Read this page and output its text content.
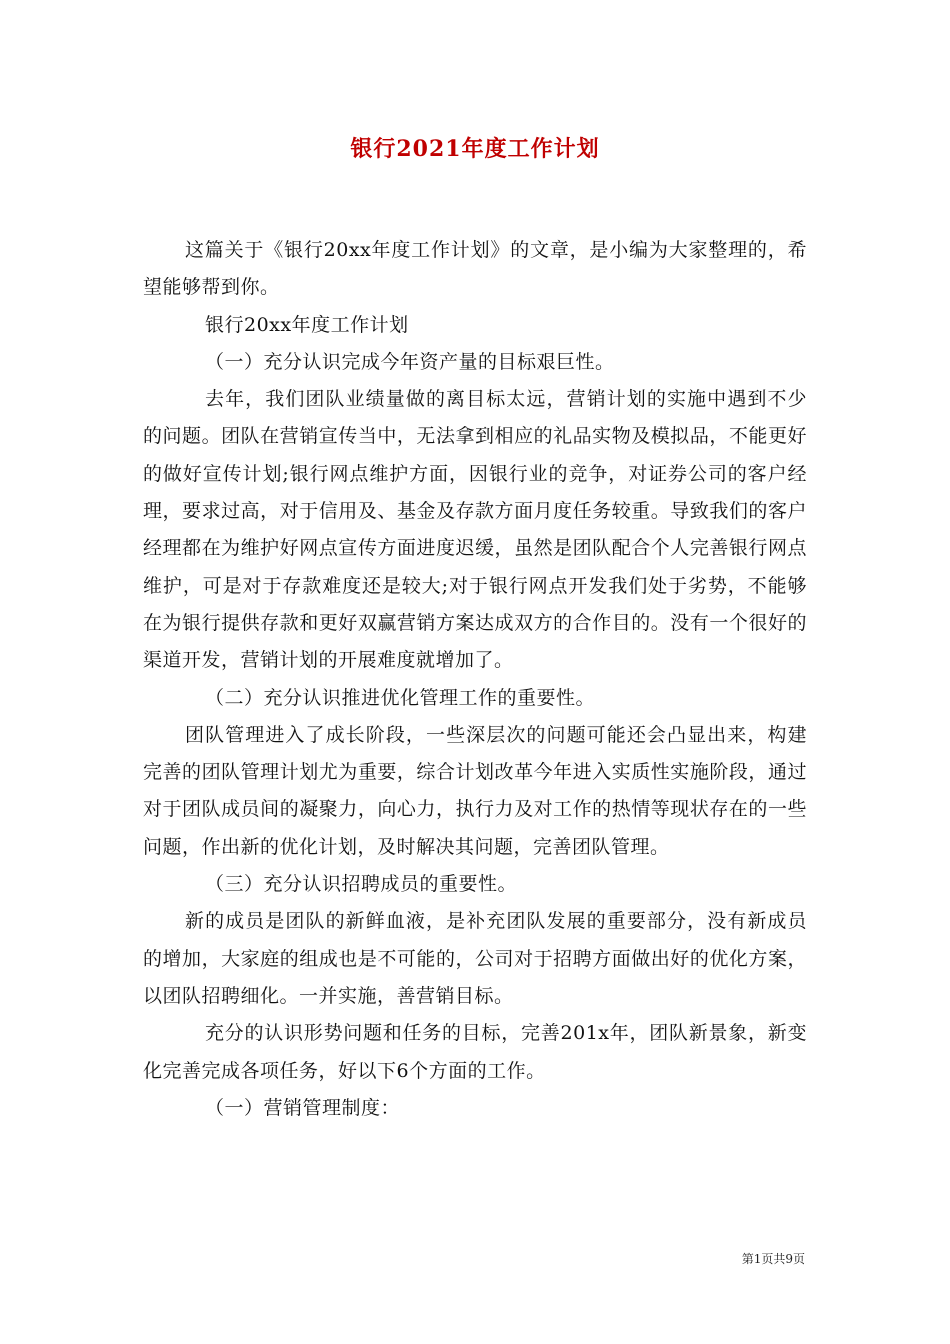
银行2021年度工作计划

这篇关于《银行20xx年度工作计划》的文章，是小编为大家整理的，希望能够帮到你。

银行20xx年度工作计划

（一）充分认识完成今年资产量的目标艰巨性。

去年，我们团队业绩量做的离目标太远，营销计划的实施中遇到不少的问题。团队在营销宣传当中，无法拿到相应的礼品实物及模拟品，不能更好的做好宣传计划;银行网点维护方面，因银行业的竞争，对证券公司的客户经理，要求过高，对于信用及、基金及存款方面月度任务较重。导致我们的客户经理都在为维护好网点宣传方面进度迟缓，虽然是团队配合个人完善银行网点维护，可是对于存款难度还是较大;对于银行网点开发我们处于劣势，不能够在为银行提供存款和更好双赢营销方案达成双方的合作目的。没有一个很好的渠道开发，营销计划的开展难度就增加了。

（二）充分认识推进优化管理工作的重要性。

团队管理进入了成长阶段，一些深层次的问题可能还会凸显出来，构建完善的团队管理计划尤为重要，综合计划改革今年进入实质性实施阶段，通过对于团队成员间的凝聚力，向心力，执行力及对工作的热情等现状存在的一些问题，作出新的优化计划，及时解决其问题，完善团队管理。

（三）充分认识招聘成员的重要性。

新的成员是团队的新鲜血液，是补充团队发展的重要部分，没有新成员的增加，大家庭的组成也是不可能的，公司对于招聘方面做出好的优化方案，以团队招聘细化。一并实施，善营销目标。

充分的认识形势问题和任务的目标，完善201x年，团队新景象，新变化完善完成各项任务，好以下6个方面的工作。

（一）营销管理制度：

第1页共9页
